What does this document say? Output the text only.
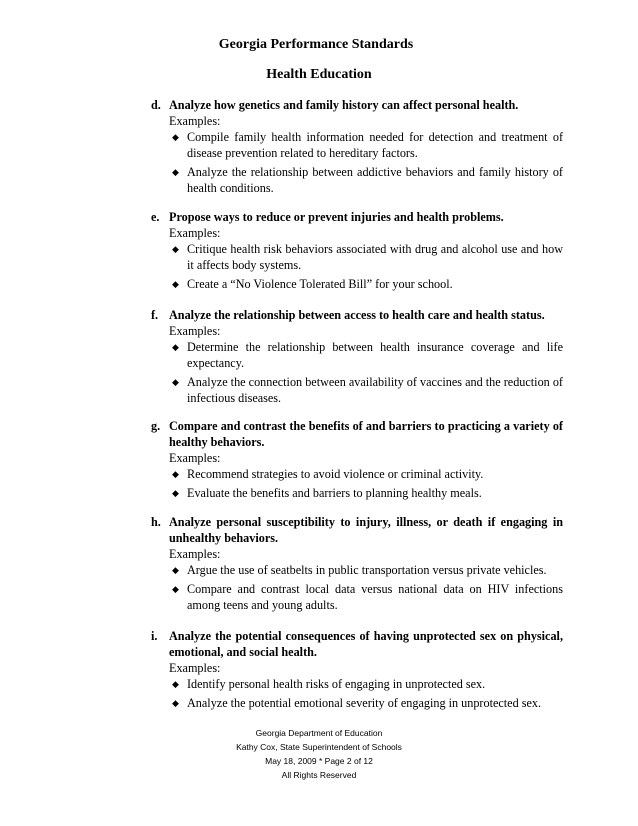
Georgia Performance Standards
Health Education
d. Analyze how genetics and family history can affect personal health.
Examples:
◆ Compile family health information needed for detection and treatment of disease prevention related to hereditary factors.
◆ Analyze the relationship between addictive behaviors and family history of health conditions.
e. Propose ways to reduce or prevent injuries and health problems.
Examples:
◆ Critique health risk behaviors associated with drug and alcohol use and how it affects body systems.
◆ Create a “No Violence Tolerated Bill” for your school.
f. Analyze the relationship between access to health care and health status.
Examples:
◆ Determine the relationship between health insurance coverage and life expectancy.
◆ Analyze the connection between availability of vaccines and the reduction of infectious diseases.
g. Compare and contrast the benefits of and barriers to practicing a variety of healthy behaviors.
Examples:
◆ Recommend strategies to avoid violence or criminal activity.
◆ Evaluate the benefits and barriers to planning healthy meals.
h. Analyze personal susceptibility to injury, illness, or death if engaging in unhealthy behaviors.
Examples:
◆ Argue the use of seatbelts in public transportation versus private vehicles.
◆ Compare and contrast local data versus national data on HIV infections among teens and young adults.
i. Analyze the potential consequences of having unprotected sex on physical, emotional, and social health.
Examples:
◆ Identify personal health risks of engaging in unprotected sex.
◆ Analyze the potential emotional severity of engaging in unprotected sex.
Georgia Department of Education
Kathy Cox, State Superintendent of Schools
May 18, 2009 * Page 2 of 12
All Rights Reserved
